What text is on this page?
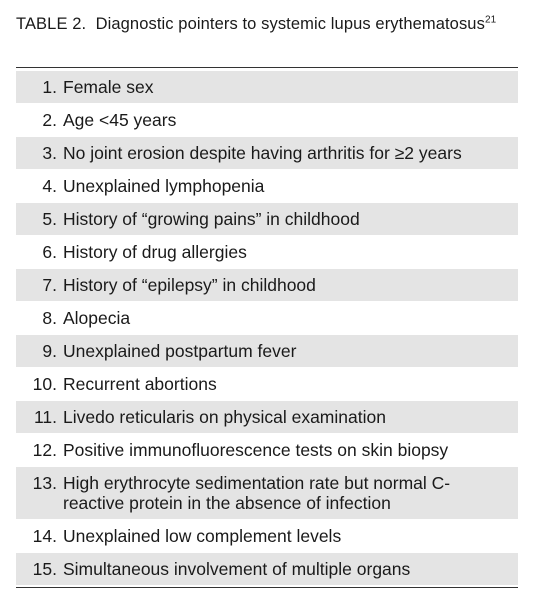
TABLE 2. Diagnostic pointers to systemic lupus erythematosus$^{21}$
1. Female sex
2. Age <45 years
3. No joint erosion despite having arthritis for ≥2 years
4. Unexplained lymphopenia
5. History of “growing pains” in childhood
6. History of drug allergies
7. History of “epilepsy” in childhood
8. Alopecia
9. Unexplained postpartum fever
10. Recurrent abortions
11. Livedo reticularis on physical examination
12. Positive immunofluorescence tests on skin biopsy
13. High erythrocyte sedimentation rate but normal C-reactive protein in the absence of infection
14. Unexplained low complement levels
15. Simultaneous involvement of multiple organs
